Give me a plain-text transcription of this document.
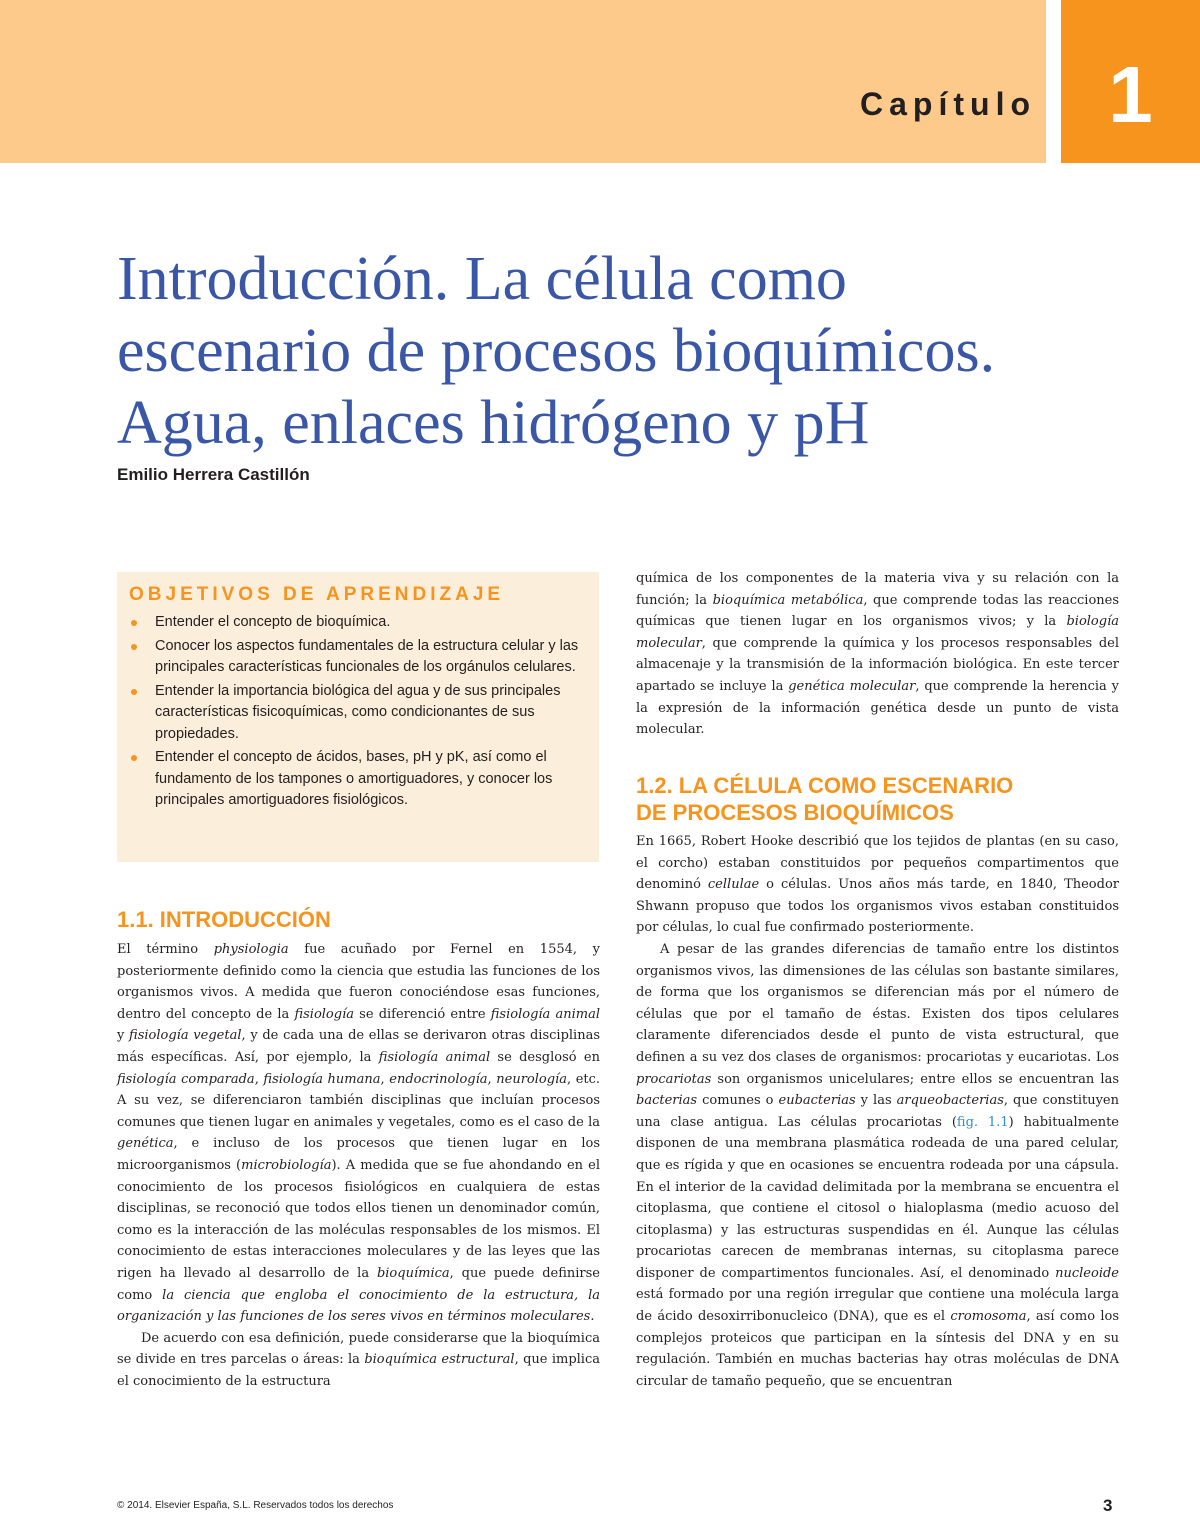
Capítulo 1
Introducción. La célula como
escenario de procesos bioquímicos.
Agua, enlaces hidrógeno y pH
Emilio Herrera Castillón
OBJETIVOS DE APRENDIZAJE
Entender el concepto de bioquímica.
Conocer los aspectos fundamentales de la estructura celular y las principales características funcionales de los orgánulos celulares.
Entender la importancia biológica del agua y de sus principales características fisicoquímicas, como condicionantes de sus propiedades.
Entender el concepto de ácidos, bases, pH y pK, así como el fundamento de los tampones o amortiguadores, y conocer los principales amortiguadores fisiológicos.
1.1. INTRODUCCIÓN

El término physiologia fue acuñado por Fernel en 1554, y posteriormente definido como la ciencia que estudia las funciones de los organismos vivos. A medida que fueron conociéndose esas funciones, dentro del concepto de la fisiología se diferenció entre fisiología animal y fisiología vegetal, y de cada una de ellas se derivaron otras disciplinas más específicas. Así, por ejemplo, la fisiología animal se desglosó en fisiología comparada, fisiología humana, endocrinología, neurología, etc. A su vez, se diferenciaron también disciplinas que incluían procesos comunes que tienen lugar en animales y vegetales, como es el caso de la genética, e incluso de los procesos que tienen lugar en los microorganismos (microbiología). A medida que se fue ahondando en el conocimiento de los procesos fisiológicos en cualquiera de estas disciplinas, se reconoció que todos ellos tienen un denominador común, como es la interacción de las moléculas responsables de los mismos. El conocimiento de estas interacciones moleculares y de las leyes que las rigen ha llevado al desarrollo de la bioquímica, que puede definirse como la ciencia que engloba el conocimiento de la estructura, la organización y las funciones de los seres vivos en términos moleculares.

De acuerdo con esa definición, puede considerarse que la bioquímica se divide en tres parcelas o áreas: la bioquímica estructural, que implica el conocimiento de la estructura

química de los componentes de la materia viva y su relación con la función; la bioquímica metabólica, que comprende todas las reacciones químicas que tienen lugar en los organismos vivos; y la biología molecular, que comprende la química y los procesos responsables del almacenaje y la transmisión de la información biológica. En este tercer apartado se incluye la genética molecular, que comprende la herencia y la expresión de la información genética desde un punto de vista molecular.

1.2. LA CÉLULA COMO ESCENARIO
DE PROCESOS BIOQUÍMICOS

En 1665, Robert Hooke describió que los tejidos de plantas (en su caso, el corcho) estaban constituidos por pequeños compartimentos que denominó cellulae o células. Unos años más tarde, en 1840, Theodor Shwann propuso que todos los organismos vivos estaban constituidos por células, lo cual fue confirmado posteriormente.

A pesar de las grandes diferencias de tamaño entre los distintos organismos vivos, las dimensiones de las células son bastante similares, de forma que los organismos se diferencian más por el número de células que por el tamaño de éstas. Existen dos tipos celulares claramente diferenciados desde el punto de vista estructural, que definen a su vez dos clases de organismos: procariotas y eucariotas. Los procariotas son organismos unicelulares; entre ellos se encuentran las bacterias comunes o eubacterias y las arqueobacterias, que constituyen una clase antigua. Las células procariotas (fig. 1.1) habitualmente disponen de una membrana plasmática rodeada de una pared celular, que es rígida y que en ocasiones se encuentra rodeada por una cápsula. En el interior de la cavidad delimitada por la membrana se encuentra el citoplasma, que contiene el citosol o hialoplasma (medio acuoso del citoplasma) y las estructuras suspendidas en él. Aunque las células procariotas carecen de membranas internas, su citoplasma parece disponer de compartimentos funcionales. Así, el denominado nucleoide está formado por una región irregular que contiene una molécula larga de ácido desoxirribonucleico (DNA), que es el cromosoma, así como los complejos proteicos que participan en la síntesis del DNA y en su regulación. También en muchas bacterias hay otras moléculas de DNA circular de tamaño pequeño, que se encuentran

© 2014. Elsevier España, S.L. Reservados todos los derechos	3
